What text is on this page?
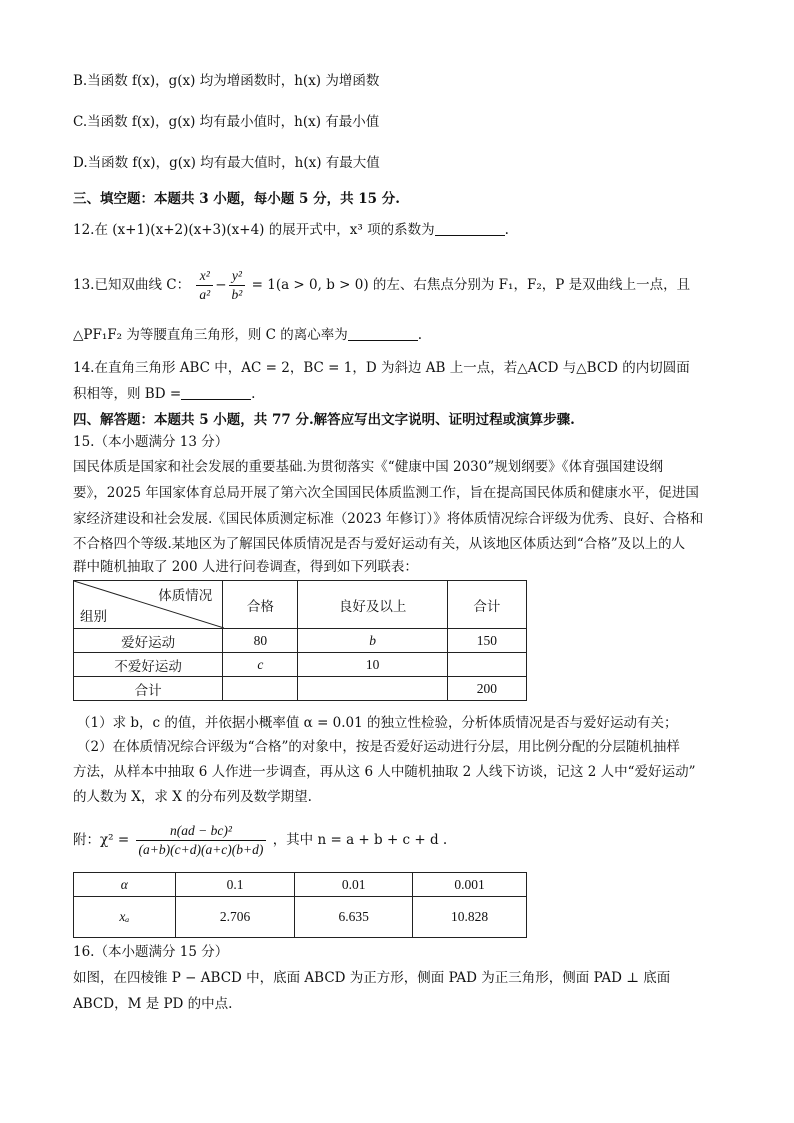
B.当函数 f(x)，g(x) 均为增函数时，h(x) 为增函数
C.当函数 f(x)，g(x) 均有最小值时，h(x) 有最小值
D.当函数 f(x)，g(x) 均有最大值时，h(x) 有最大值
三、填空题：本题共 3 小题，每小题 5 分，共 15 分.
12.在 (x+1)(x+2)(x+3)(x+4) 的展开式中，x³ 项的系数为	.
13.已知双曲线 C： $\frac{\text{x²}}{\text{a²}} - \frac{\text{y²}}{\text{b²}} = 1(a > 0$, b > 0) 的左、右焦点分别为 F₁，F₂，P 是双曲线上一点，且
△PF₁F₂ 为等腰直角三角形，则 C 的离心率为	.
14.在直角三角形 ABC 中，AC = 2，BC = 1，D 为斜边 AB 上一点，若△ACD 与△BCD 的内切圆面
积相等，则 BD =	.
四、解答题：本题共 5 小题，共 77 分.解答应写出文字说明、证明过程或演算步骤.
15.（本小题满分 13 分）
国民体质是国家和社会发展的重要基础.为贯彻落实《“健康中国 2030”规划纲要》《体育强国建设纲
要》，2025 年国家体育总局开展了第六次全国国民体质监测工作，旨在提高国民体质和健康水平，促进国
家经济建设和社会发展.《国民体质测定标准（2023 年修订）》将体质情况综合评级为优秀、良好、合格和
不合格四个等级.某地区为了解国民体质情况是否与爱好运动有关，从该地区体质达到“合格”及以上的人
群中随机抽取了 200 人进行问卷调查，得到如下列联表：
体质情况
组别	合格	良好及以上	合计
爱好运动	80	b	150
不爱好运动	c	10	
合计			200
（1）求 b，c 的值，并依据小概率值 α = 0.01 的独立性检验，分析体质情况是否与爱好运动有关；
（2）在体质情况综合评级为“合格”的对象中，按是否爱好运动进行分层，用比例分配的分层随机抽样
方法，从样本中抽取 6 人作进一步调查，再从这 6 人中随机抽取 2 人线下访谈，记这 2 人中“爱好运动”
的人数为 X，求 X 的分布列及数学期望.
附：$\chi^2 = \frac{\text{n(ad − bc)²}}{(a+b)(c+d)(a+c)(b+d)}$ ，其中 n = a + b + c + d .
α	0.1	0.01	0.001
xₐ	2.706	6.635	10.828
16.（本小题满分 15 分）
如图，在四棱锥 P − ABCD 中，底面 ABCD 为正方形，侧面 PAD 为正三角形，侧面 PAD ⊥ 底面
ABCD，M 是 PD 的中点.
